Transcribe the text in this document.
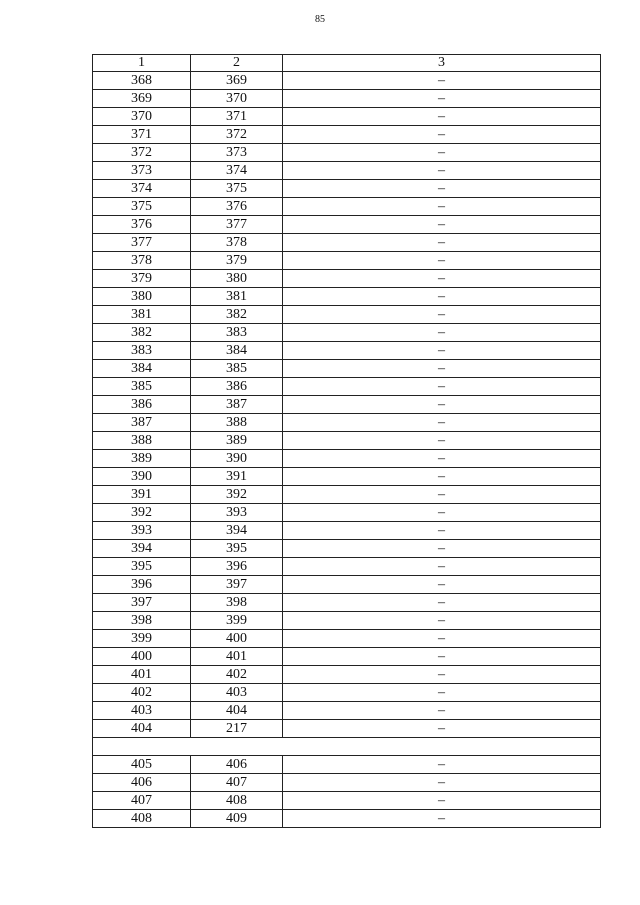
85
1	2	3
368	369	–
369	370	–
370	371	–
371	372	–
372	373	–
373	374	–
374	375	–
375	376	–
376	377	–
377	378	–
378	379	–
379	380	–
380	381	–
381	382	–
382	383	–
383	384	–
384	385	–
385	386	–
386	387	–
387	388	–
388	389	–
389	390	–
390	391	–
391	392	–
392	393	–
393	394	–
394	395	–
395	396	–
396	397	–
397	398	–
398	399	–
399	400	–
400	401	–
401	402	–
402	403	–
403	404	–
404	217	–

405	406	–
406	407	–
407	408	–
408	409	–
